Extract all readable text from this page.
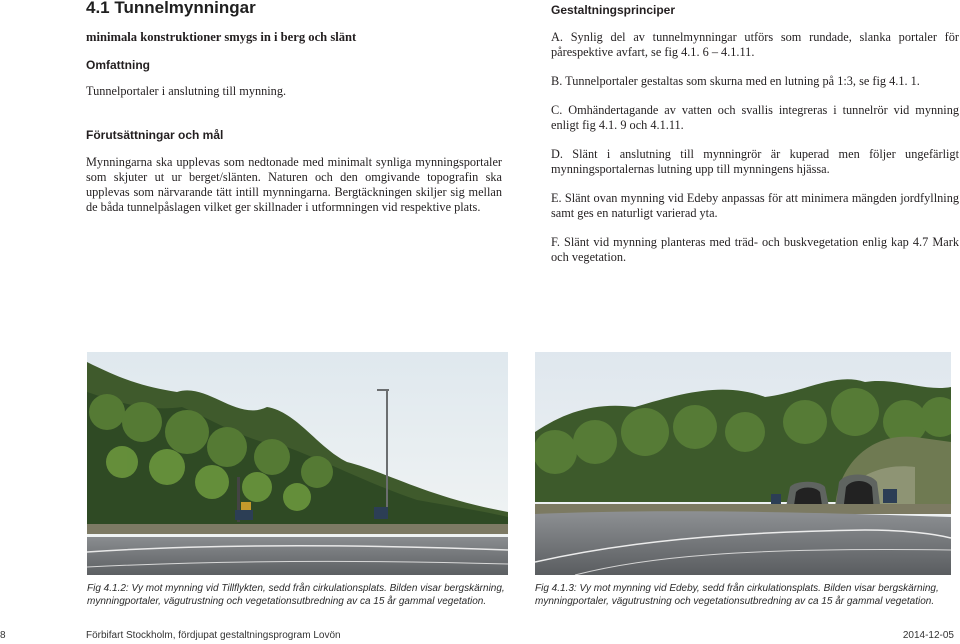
4.1 Tunnelmynningar

minimala konstruktioner smygs in i berg och slänt

Omfattning

Tunnelportaler i anslutning till mynning.

Förutsättningar och mål

Mynningarna ska upplevas som nedtonade med minimalt synliga mynningsportaler som skjuter ut ur berget/slänten. Naturen och den omgivande topografin ska upplevas som närvarande tätt intill mynningarna. Bergtäckningen skiljer sig mellan de båda tunnelpåslagen vilket ger skillnader i utformningen vid respektive plats.

Gestaltningsprinciper

A. Synlig del av tunnelmynningar utförs som rundade, slanka portaler för pårespektive avfart, se fig 4.1. 6 – 4.1.11.

B. Tunnelportaler gestaltas som skurna med en lutning på 1:3, se fig 4.1. 1.

C. Omhändertagande av vatten och svallis integreras i tunnelrör vid mynning enligt fig 4.1. 9 och 4.1.11.

D. Slänt i anslutning till mynningrör är kuperad men följer ungefärligt mynningsportalernas lutning upp till mynningens hjässa.

E. Slänt ovan mynning vid Edeby anpassas för att minimera mängden jordfyllning samt ges en naturligt varierad yta.

F. Slänt vid mynning planteras med träd- och buskvegetation enlig kap 4.7 Mark och vegetation.

Fig 4.1.2: Vy mot mynning vid Tillflykten, sedd från cirkulationsplats. Bilden visar bergskärning, mynningportaler, vägutrustning och vegetationsutbredning av ca 15 år gammal vegetation.
Fig 4.1.3: Vy mot mynning vid Edeby, sedd från cirkulationsplats. Bilden visar bergskärning, mynningportaler, vägutrustning och vegetationsutbredning av ca 15 år gammal vegetation.
8	Förbifart Stockholm, fördjupat gestaltningsprogram Lovön	2014-12-05
